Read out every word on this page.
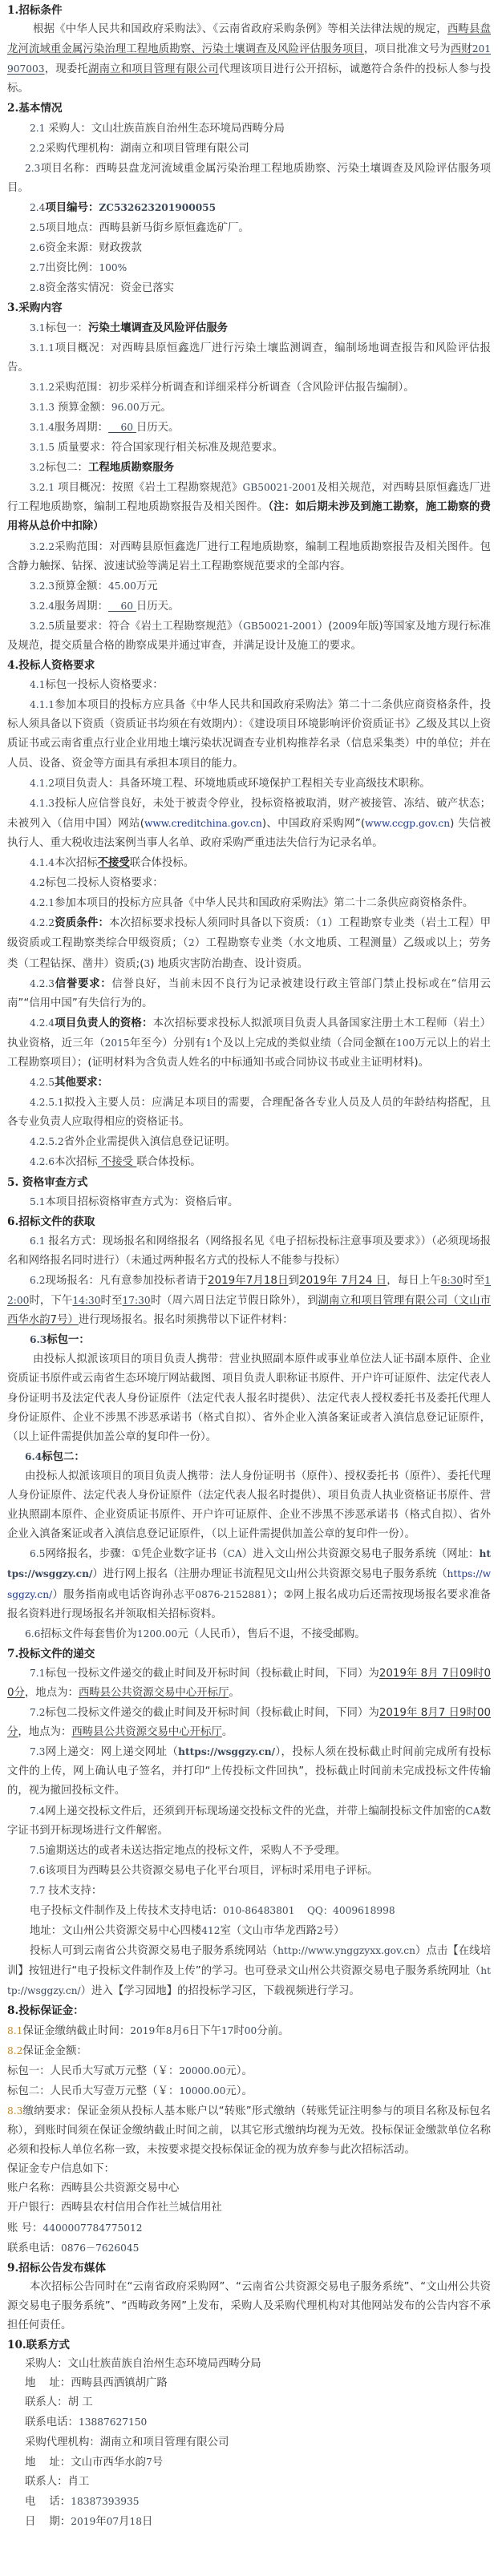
1.招标条件

根据《中华人民共和国政府采购法》、《云南省政府采购条例》等相关法律法规的规定，西畴县盘龙河流域重金属污染治理工程地质勘察、污染土壤调查及风险评估服务项目，项目批准文号为西财201907003，现委托湖南立和项目管理有限公司代理该项目进行公开招标，诚邀符合条件的投标人参与投标。

2.基本情况

2.1 采购人：文山壮族苗族自治州生态环境局西畴分局

2.2采购代理机构：湖南立和项目管理有限公司

2.3项目名称：西畴县盘龙河流域重金属污染治理工程地质勘察、污染土壤调查及风险评估服务项目。

2.4项目编号：ZC532623201900055

2.5项目地点：西畴县新马街乡原恒鑫选矿厂。

2.6资金来源：财政拨款

2.7出资比例：100%

2.8资金落实情况：资金已落实

3.采购内容

3.1标包一：污染土壤调查及风险评估服务

3.1.1项目概况：对西畴县原恒鑫选厂进行污染土壤监测调查，编制场地调查报告和风险评估报告。

3.1.2采购范围：初步采样分析调查和详细采样分析调查（含风险评估报告编制）。

3.1.3 预算金额：96.00万元。

3.1.4服务周期：    60 日历天。

3.1.5 质量要求：符合国家现行相关标准及规范要求。

3.2标包二：工程地质勘察服务

3.2.1 项目概况：按照《岩土工程勘察规范》GB50021-2001及相关规范，对西畴县原恒鑫选厂进行工程地质勘察，编制工程地质勘察报告及相关图件。（注：如后期未涉及到施工勘察，施工勘察的费用将从总价中扣除）

3.2.2采购范围：对西畴县原恒鑫选厂进行工程地质勘察，编制工程地质勘察报告及相关图件。包含静力触探、钻探、波速试验等满足岩土工程勘察规范要求的全部内容。

3.2.3预算金额：45.00万元

3.2.4服务周期：    60 日历天。

3.2.5质量要求：符合《岩土工程勘察规范》（GB50021-2001）(2009年版)等国家及地方现行标准及规范，提交质量合格的勘察成果并通过审查，并满足设计及施工的要求。

4.投标人资格要求

4.1标包一投标人资格要求：

4.1.1参加本项目的投标方应具备《中华人民共和国政府采购法》第二十二条供应商资格条件，投标人须具备以下资质（资质证书均须在有效期内）：《建设项目环境影响评价资质证书》乙级及其以上资质证书或云南省重点行业企业用地土壤污染状况调查专业机构推荐名录（信息采集类）中的单位；并在人员、设备、资金等方面具有承担本项目的能力。

4.1.2项目负责人：具备环境工程、环境地质或环境保护工程相关专业高级技术职称。

4.1.3投标人应信誉良好，未处于被责令停业，投标资格被取消，财产被接管、冻结、破产状态；未被列入（信用中国）网站(www.creditchina.gov.cn)、中国政府采购网”(www.ccgp.gov.cn) 失信被执行人、重大税收违法案例当事人名单、政府采购严重违法失信行为记录名单。

4.1.4本次招标不接受联合体投标。

4.2标包二投标人资格要求：

4.2.1参加本项目的投标方应具备《中华人民共和国政府采购法》第二十二条供应商资格条件。

4.2.2资质条件：本次招标要求投标人须同时具备以下资质：（1）工程勘察专业类（岩土工程）甲级资质或工程勘察类综合甲级资质；（2）工程勘察专业类（水文地质、工程测量）乙级或以上；劳务类（工程钻探、凿井）资质;(3) 地质灾害防治勘查、设计资质。

4.2.3信誉要求：信誉良好，当前未因不良行为记录被建设行政主管部门禁止投标或在“信用云南”“信用中国”有失信行为的。

4.2.4项目负责人的资格：本次招标要求投标人拟派项目负责人具备国家注册土木工程师（岩土）执业资格，近三年（2015年至今）分别有1个及以上完成的类似业绩（合同金额在100万元以上的岩土工程勘察项目）；(证明材料为含负责人姓名的中标通知书或合同协议书或业主证明材料)。

4.2.5其他要求：

4.2.5.1拟投入主要人员：应满足本项目的需要，合理配备各专业人员及人员的年龄结构搭配，且各专业负责人应取得相应的资格证书。

4.2.5.2省外企业需提供入滇信息登记证明。

4.2.6本次招标 不接受 联合体投标。

5. 资格审查方式

5.1本项目招标资格审查方式为：资格后审。

6.招标文件的获取

6.1 报名方式：现场报名和网络报名（网络报名见《电子招标投标注意事项及要求》）（必须现场报名和网络报名同时进行）（未通过两种报名方式的投标人不能参与投标）

6.2现场报名：凡有意参加投标者请于2019年7月18日到2019年 7月24 日，每日上午8:30时至12:00时，下午14:30时至17:30时（周六周日法定节假日除外），到湖南立和项目管理有限公司（文山市西华水韵7号）进行现场报名。报名时须携带以下证件材料：

6.3标包一：

由投标人拟派该项目的项目负责人携带：营业执照副本原件或事业单位法人证书副本原件、企业资质证书原件或云南省生态环境厅网站截图、项目负责人职称证书原件、开户许可证原件、法定代表人身份证明书及法定代表人身份证原件（法定代表人报名时提供）、法定代表人授权委托书及委托代理人身份证原件、企业不涉黑不涉恶承诺书（格式自拟）、省外企业入滇备案证或者入滇信息登记证原件，（以上证件需提供加盖公章的复印件一份）。

6.4标包二：

由投标人拟派该项目的项目负责人携带：法人身份证明书（原件）、授权委托书（原件）、委托代理人身份证原件、法定代表人身份证原件（法定代表人报名时提供）、项目负责人执业资格证书原件、营业执照副本原件、企业资质证书原件、开户许可证原件、企业不涉黑不涉恶承诺书（格式自拟）、省外企业入滇备案证或者入滇信息登记证原件，（以上证件需提供加盖公章的复印件一份）。

6.5网络报名，步骤：①凭企业数字证书（CA）进入文山州公共资源交易电子服务系统（网址：https://wsggzy.cn/）进行网上报名（注册办理证书流程见文山州公共资源交易电子服务系统（https://wsggzy.cn/）服务指南或电话咨询孙志平0876-2152881）；②网上报名成功后还需按现场报名要求准备报名资料进行现场报名并领取相关招标资料。

6.6招标文件每套售价为1200.00元（人民币），售后不退，不接受邮购。

7.投标文件的递交

7.1标包一投标文件递交的截止时间及开标时间（投标截止时间，下同）为2019年 8月 7日09时00分，地点为：西畴县公共资源交易中心开标厅。

7.2标包二投标文件递交的截止时间及开标时间（投标截止时间，下同）为2019年 8月7 日9时00分，地点为：西畴县公共资源交易中心开标厅。

7.3网上递交：网上递交网址（https://wsggzy.cn/），投标人须在投标截止时间前完成所有投标文件的上传，网上确认电子签名，并打印“上传投标文件回执”，投标截止时间前未完成投标文件传输的，视为撤回投标文件。

7.4网上递交投标文件后，还须到开标现场递交投标文件的光盘，并带上编制投标文件加密的CA数字证书到开标现场进行文件解密。

7.5逾期送达的或者未送达指定地点的投标文件，采购人不予受理。

7.6该项目为西畴县公共资源交易电子化平台项目，评标时采用电子评标。

7.7 技术支持：

电子投标文件制作及上传技术支持电话：010-86483801    QQ：4009618998

地址：文山州公共资源交易中心四楼412室（文山市华龙西路2号）

投标人可到云南省公共资源交易电子服务系统网站（http://www.ynggzyxx.gov.cn）点击【在线培训】按钮进行“电子投标文件制作及上传”的学习。也可登录文山州公共资源交易电子服务系统网址（http://wsggzy.cn/）进入【学习园地】的招投标学习区，下载视频进行学习。

8.投标保证金：

8.1保证金缴纳截止时间：2019年8月6日下午17时00分前。

8.2保证金金额：

标包一：人民币大写贰万元整（￥：20000.00元）。

标包二：人民币大写壹万元整（￥：10000.00元）。

8.3缴纳要求：保证金须从投标人基本账户以“转账”形式缴纳（转账凭证注明参与的项目名称及标包名称），到账时间须在保证金缴纳截止时间之前，以其它形式缴纳均视为无效。投标保证金缴款单位名称必须和投标人单位名称一致，未按要求提交投标保证金的视为放弃参与此次招标活动。

保证金专户信息如下：

账户名称：西畴县公共资源交易中心

开户银行：西畴县农村信用合作社兰城信用社

账 号：4400007784775012

联系电话：0876－7626045

9.招标公告发布媒体

本次招标公告同时在“云南省政府采购网”、“云南省公共资源交易电子服务系统”、“文山州公共资源交易电子服务系统”、“西畴政务网”上发布，采购人及采购代理机构对其他网站发布的公告内容不承担任何责任。

10.联系方式

采购人：文山壮族苗族自治州生态环境局西畴分局

地    址：西畴县西洒镇胡广路

联系人：胡 工

联系电话：13887627150

采购代理机构：湖南立和项目管理有限公司

地    址：文山市西华水韵7号

联系人：肖工

电    话：18387393935

日    期：2019年07月18日
